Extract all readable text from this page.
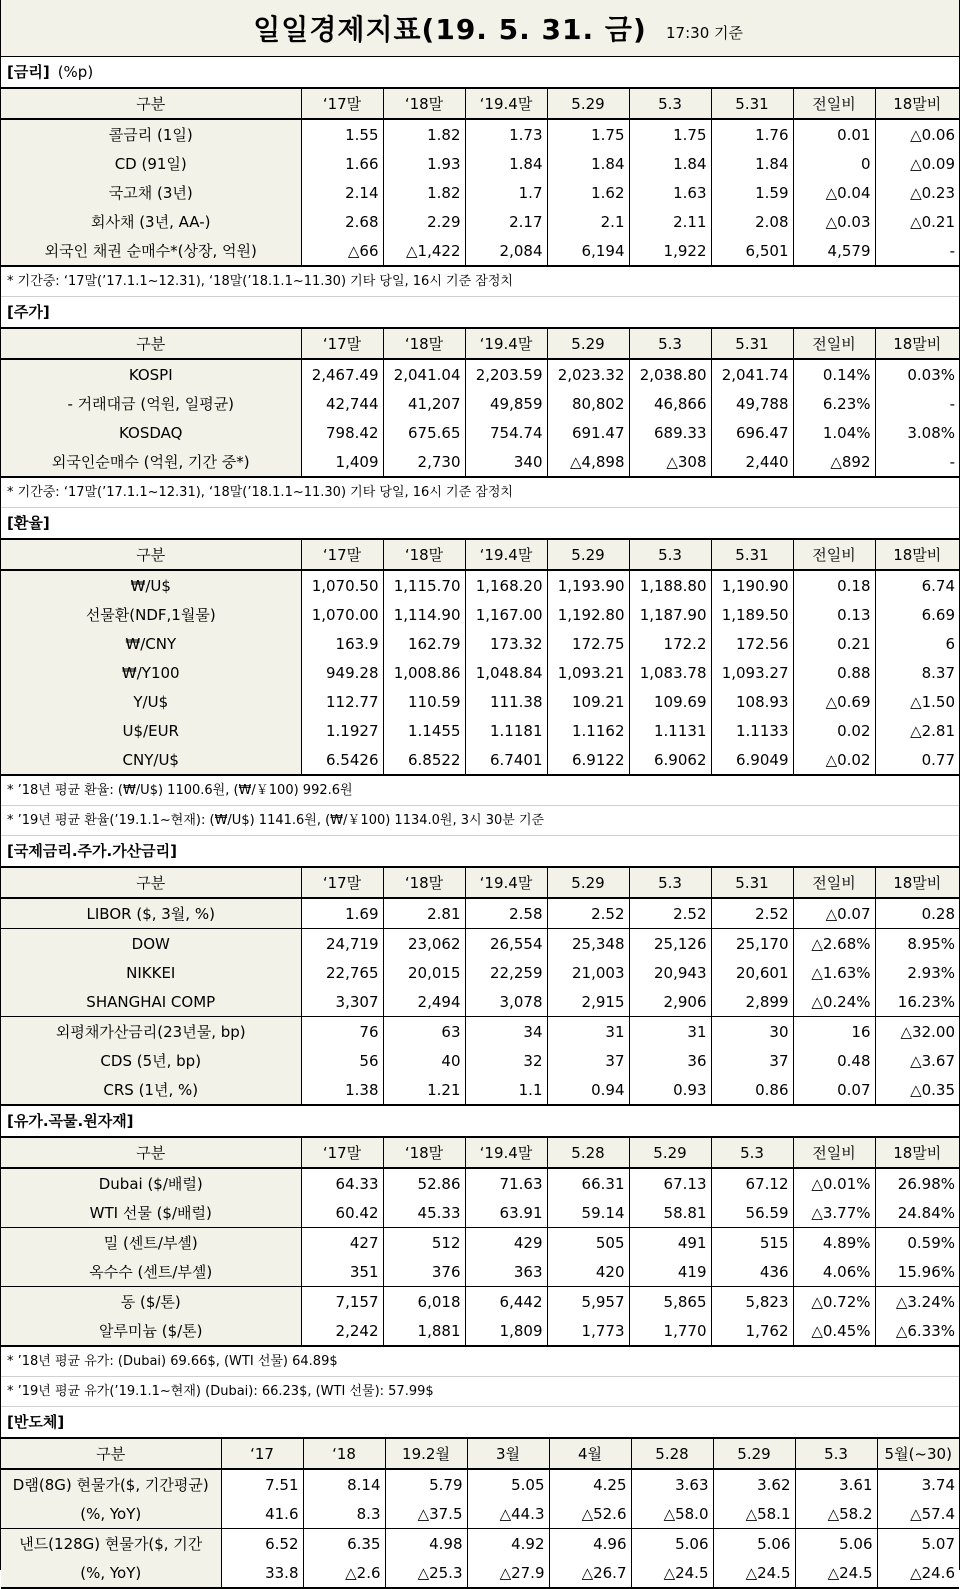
일일경제지표(19. 5. 31. 금) 17:30 기준
[금리] (%p)
구분	‘17말	‘18말	‘19.4말	5.29	5.3	5.31	전일비	18말비
콜금리 (1일)	1.55	1.82	1.73	1.75	1.75	1.76	0.01	△0.06
CD (91일)	1.66	1.93	1.84	1.84	1.84	1.84	0	△0.09
국고채 (3년)	2.14	1.82	1.7	1.62	1.63	1.59	△0.04	△0.23
회사채 (3년, AA-)	2.68	2.29	2.17	2.1	2.11	2.08	△0.03	△0.21
외국인 채권 순매수*(상장, 억원)	△66	△1,422	2,084	6,194	1,922	6,501	4,579	-
* 기간중: ‘17말(’17.1.1~12.31), ‘18말(’18.1.1~11.30) 기타 당일, 16시 기준 잠정치
[주가]
구분	‘17말	‘18말	‘19.4말	5.29	5.3	5.31	전일비	18말비
KOSPI	2,467.49	2,041.04	2,203.59	2,023.32	2,038.80	2,041.74	0.14%	0.03%
- 거래대금 (억원, 일평균)	42,744	41,207	49,859	80,802	46,866	49,788	6.23%	-
KOSDAQ	798.42	675.65	754.74	691.47	689.33	696.47	1.04%	3.08%
외국인순매수 (억원, 기간 중*)	1,409	2,730	340	△4,898	△308	2,440	△892	-
* 기간중: ‘17말(’17.1.1~12.31), ‘18말(’18.1.1~11.30) 기타 당일, 16시 기준 잠정치
[환율]
구분	‘17말	‘18말	‘19.4말	5.29	5.3	5.31	전일비	18말비
₩/U$	1,070.50	1,115.70	1,168.20	1,193.90	1,188.80	1,190.90	0.18	6.74
선물환(NDF,1월물)	1,070.00	1,114.90	1,167.00	1,192.80	1,187.90	1,189.50	0.13	6.69
₩/CNY	163.9	162.79	173.32	172.75	172.2	172.56	0.21	6
₩/Y100	949.28	1,008.86	1,048.84	1,093.21	1,083.78	1,093.27	0.88	8.37
Y/U$	112.77	110.59	111.38	109.21	109.69	108.93	△0.69	△1.50
U$/EUR	1.1927	1.1455	1.1181	1.1162	1.1131	1.1133	0.02	△2.81
CNY/U$	6.5426	6.8522	6.7401	6.9122	6.9062	6.9049	△0.02	0.77
* ’18년 평균 환율: (₩/U$) 1100.6원, (₩/￥100) 992.6원
* ’19년 평균 환율(’19.1.1~현재): (₩/U$) 1141.6원, (₩/￥100) 1134.0원, 3시 30분 기준
[국제금리.주가.가산금리]
구분	‘17말	‘18말	‘19.4말	5.29	5.3	5.31	전일비	18말비
LIBOR ($, 3월, %)	1.69	2.81	2.58	2.52	2.52	2.52	△0.07	0.28
DOW	24,719	23,062	26,554	25,348	25,126	25,170	△2.68%	8.95%
NIKKEI	22,765	20,015	22,259	21,003	20,943	20,601	△1.63%	2.93%
SHANGHAI COMP	3,307	2,494	3,078	2,915	2,906	2,899	△0.24%	16.23%
외평채가산금리(23년물, bp)	76	63	34	31	31	30	16	△32.00
CDS (5년, bp)	56	40	32	37	36	37	0.48	△3.67
CRS (1년, %)	1.38	1.21	1.1	0.94	0.93	0.86	0.07	△0.35
[유가.곡물.원자재]
구분	‘17말	‘18말	‘19.4말	5.28	5.29	5.3	전일비	18말비
Dubai ($/배럴)	64.33	52.86	71.63	66.31	67.13	67.12	△0.01%	26.98%
WTI 선물 ($/배럴)	60.42	45.33	63.91	59.14	58.81	56.59	△3.77%	24.84%
밀 (센트/부셸)	427	512	429	505	491	515	4.89%	0.59%
옥수수 (센트/부셸)	351	376	363	420	419	436	4.06%	15.96%
동 ($/톤)	7,157	6,018	6,442	5,957	5,865	5,823	△0.72%	△3.24%
알루미늄 ($/톤)	2,242	1,881	1,809	1,773	1,770	1,762	△0.45%	△6.33%
* ’18년 평균 유가: (Dubai) 69.66$, (WTI 선물) 64.89$
* ’19년 평균 유가(’19.1.1~현재) (Dubai): 66.23$, (WTI 선물): 57.99$
[반도체]
구분	‘17	‘18	19.2월	3월	4월	5.28	5.29	5.3	5월(~30)
D램(8G) 현물가($, 기간평균)	7.51	8.14	5.79	5.05	4.25	3.63	3.62	3.61	3.74
(%, YoY)	41.6	8.3	△37.5	△44.3	△52.6	△58.0	△58.1	△58.2	△57.4
낸드(128G) 현물가($, 기간	6.52	6.35	4.98	4.92	4.96	5.06	5.06	5.06	5.07
(%, YoY)	33.8	△2.6	△25.3	△27.9	△26.7	△24.5	△24.5	△24.5	△24.6
